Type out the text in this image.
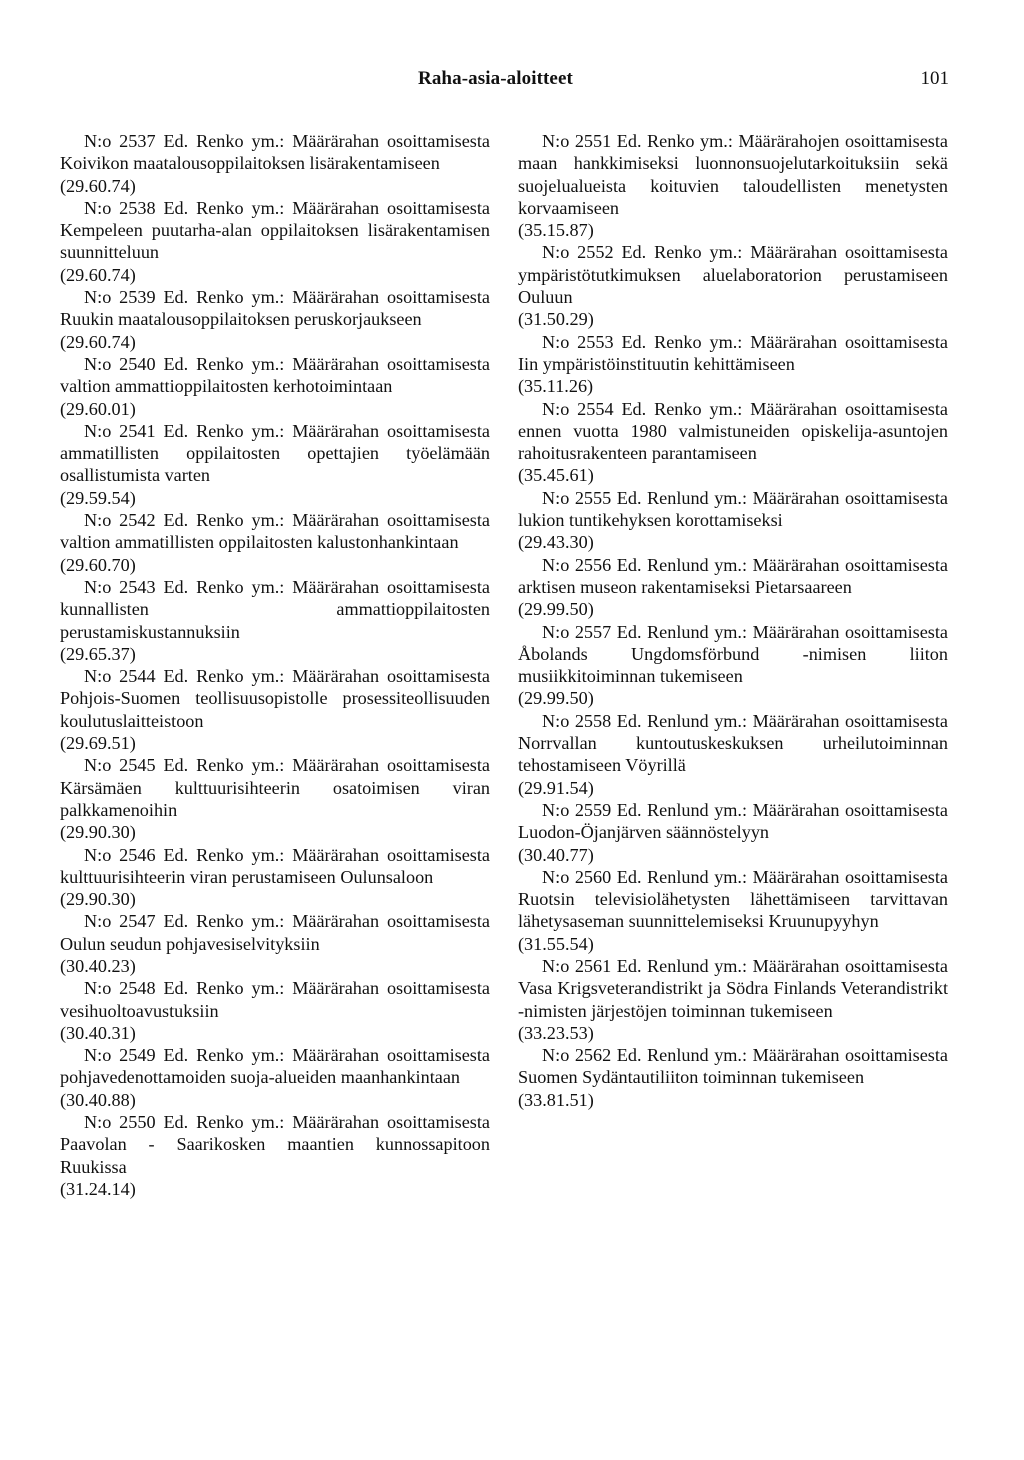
Raha-asia-aloitteet	101
N:o 2537 Ed. Renko ym.: Määrärahan osoittamisesta Koivikon maatalousoppilaitoksen lisärakentamiseen
(29.60.74)
N:o 2538 Ed. Renko ym.: Määrärahan osoittamisesta Kempeleen puutarha-alan oppilaitoksen lisärakentamisen suunnitteluun
(29.60.74)
N:o 2539 Ed. Renko ym.: Määrärahan osoittamisesta Ruukin maatalousoppilaitoksen peruskorjaukseen
(29.60.74)
N:o 2540 Ed. Renko ym.: Määrärahan osoittamisesta valtion ammattioppilaitosten kerhotoimintaan
(29.60.01)
N:o 2541 Ed. Renko ym.: Määrärahan osoittamisesta ammatillisten oppilaitosten opettajien työelämään osallistumista varten
(29.59.54)
N:o 2542 Ed. Renko ym.: Määrärahan osoittamisesta valtion ammatillisten oppilaitosten kalustonhankintaan
(29.60.70)
N:o 2543 Ed. Renko ym.: Määrärahan osoittamisesta kunnallisten ammattioppilaitosten perustamiskustannuksiin
(29.65.37)
N:o 2544 Ed. Renko ym.: Määrärahan osoittamisesta Pohjois-Suomen teollisuusopistolle prosessiteollisuuden koulutuslaitteistoon
(29.69.51)
N:o 2545 Ed. Renko ym.: Määrärahan osoittamisesta Kärsämäen kulttuurisihteerin osatoimisen viran palkkamenoihin
(29.90.30)
N:o 2546 Ed. Renko ym.: Määrärahan osoittamisesta kulttuurisihteerin viran perustamiseen Oulunsaloon
(29.90.30)
N:o 2547 Ed. Renko ym.: Määrärahan osoittamisesta Oulun seudun pohjavesiselvityksiin
(30.40.23)
N:o 2548 Ed. Renko ym.: Määrärahan osoittamisesta vesihuoltoavustuksiin
(30.40.31)
N:o 2549 Ed. Renko ym.: Määrärahan osoittamisesta pohjavedenottamoiden suoja-alueiden maanhankintaan
(30.40.88)
N:o 2550 Ed. Renko ym.: Määrärahan osoittamisesta Paavolan - Saarikosken maantien kunnossapitoon Ruukissa
(31.24.14)
N:o 2551 Ed. Renko ym.: Määrärahojen osoittamisesta maan hankkimiseksi luonnonsuojelutarkoituksiin sekä suojelualueista koituvien taloudellisten menetysten korvaamiseen
(35.15.87)
N:o 2552 Ed. Renko ym.: Määrärahan osoittamisesta ympäristötutkimuksen aluelaboratorion perustamiseen Ouluun
(31.50.29)
N:o 2553 Ed. Renko ym.: Määrärahan osoittamisesta Iin ympäristöinstituutin kehittämiseen
(35.11.26)
N:o 2554 Ed. Renko ym.: Määrärahan osoittamisesta ennen vuotta 1980 valmistuneiden opiskelija-asuntojen rahoitusrakenteen parantamiseen
(35.45.61)
N:o 2555 Ed. Renlund ym.: Määrärahan osoittamisesta lukion tuntikehyksen korottamiseksi
(29.43.30)
N:o 2556 Ed. Renlund ym.: Määrärahan osoittamisesta arktisen museon rakentamiseksi Pietarsaareen
(29.99.50)
N:o 2557 Ed. Renlund ym.: Määrärahan osoittamisesta Åbolands Ungdomsförbund -nimisen liiton musiikkitoiminnan tukemiseen
(29.99.50)
N:o 2558 Ed. Renlund ym.: Määrärahan osoittamisesta Norrvallan kuntoutuskeskuksen urheilutoiminnan tehostamiseen Vöyrillä
(29.91.54)
N:o 2559 Ed. Renlund ym.: Määrärahan osoittamisesta Luodon-Öjanjärven säännöstelyyn
(30.40.77)
N:o 2560 Ed. Renlund ym.: Määrärahan osoittamisesta Ruotsin televisiolähetysten lähettämiseen tarvittavan lähetysaseman suunnittelemiseksi Kruunupyyhyn
(31.55.54)
N:o 2561 Ed. Renlund ym.: Määrärahan osoittamisesta Vasa Krigsveterandistrikt ja Södra Finlands Veterandistrikt -nimisten järjestöjen toiminnan tukemiseen
(33.23.53)
N:o 2562 Ed. Renlund ym.: Määrärahan osoittamisesta Suomen Sydäntautiliiton toiminnan tukemiseen
(33.81.51)
